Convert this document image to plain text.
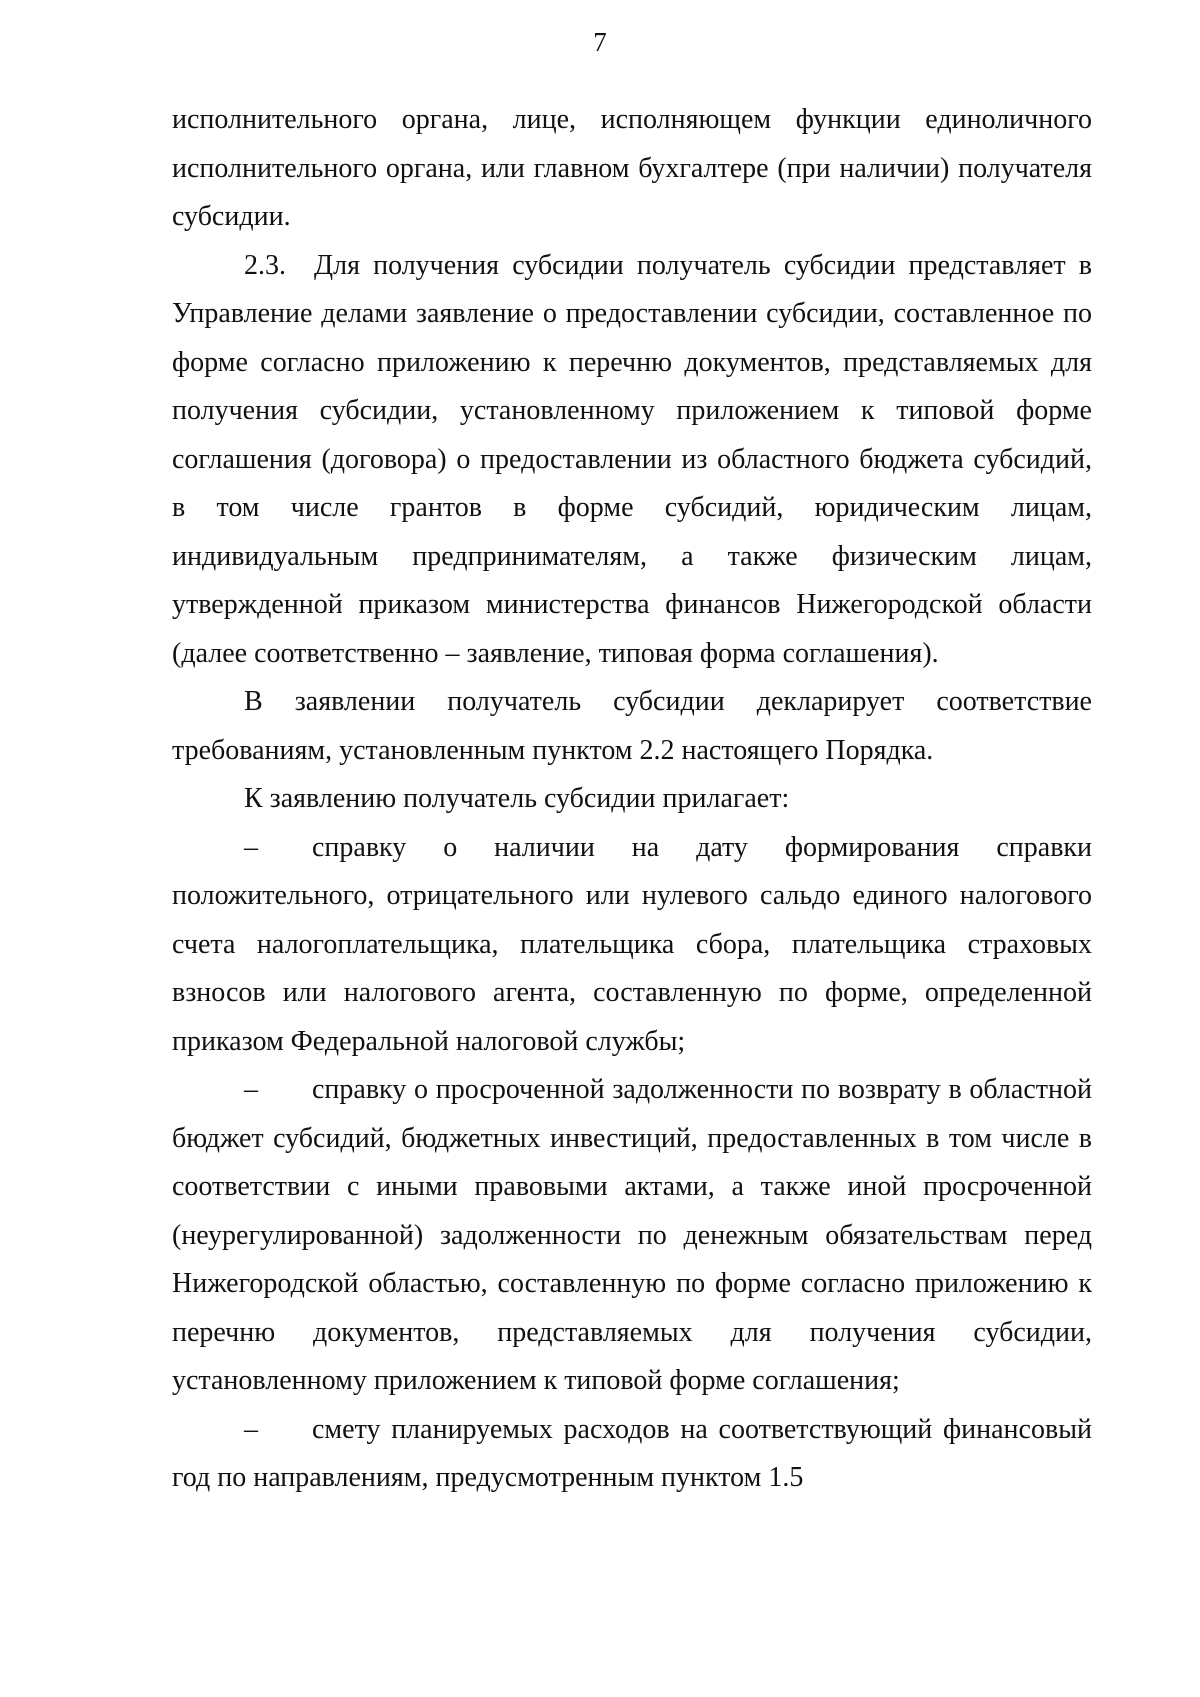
7

исполнительного органа, лице, исполняющем функции единоличного исполнительного органа, или главном бухгалтере (при наличии) получателя субсидии.

2.3. Для получения субсидии получатель субсидии представляет в Управление делами заявление о предоставлении субсидии, составленное по форме согласно приложению к перечню документов, представляемых для получения субсидии, установленному приложением к типовой форме соглашения (договора) о предоставлении из областного бюджета субсидий, в том числе грантов в форме субсидий, юридическим лицам, индивидуальным предпринимателям, а также физическим лицам, утвержденной приказом министерства финансов Нижегородской области (далее соответственно – заявление, типовая форма соглашения).

В заявлении получатель субсидии декларирует соответствие требованиям, установленным пунктом 2.2 настоящего Порядка.

К заявлению получатель субсидии прилагает:

– справку о наличии на дату формирования справки положительного, отрицательного или нулевого сальдо единого налогового счета налогоплательщика, плательщика сбора, плательщика страховых взносов или налогового агента, составленную по форме, определенной приказом Федеральной налоговой службы;

– справку о просроченной задолженности по возврату в областной бюджет субсидий, бюджетных инвестиций, предоставленных в том числе в соответствии с иными правовыми актами, а также иной просроченной (неурегулированной) задолженности по денежным обязательствам перед Нижегородской областью, составленную по форме согласно приложению к перечню документов, представляемых для получения субсидии, установленному приложением к типовой форме соглашения;

– смету планируемых расходов на соответствующий финансовый год по направлениям, предусмотренным пунктом 1.5
